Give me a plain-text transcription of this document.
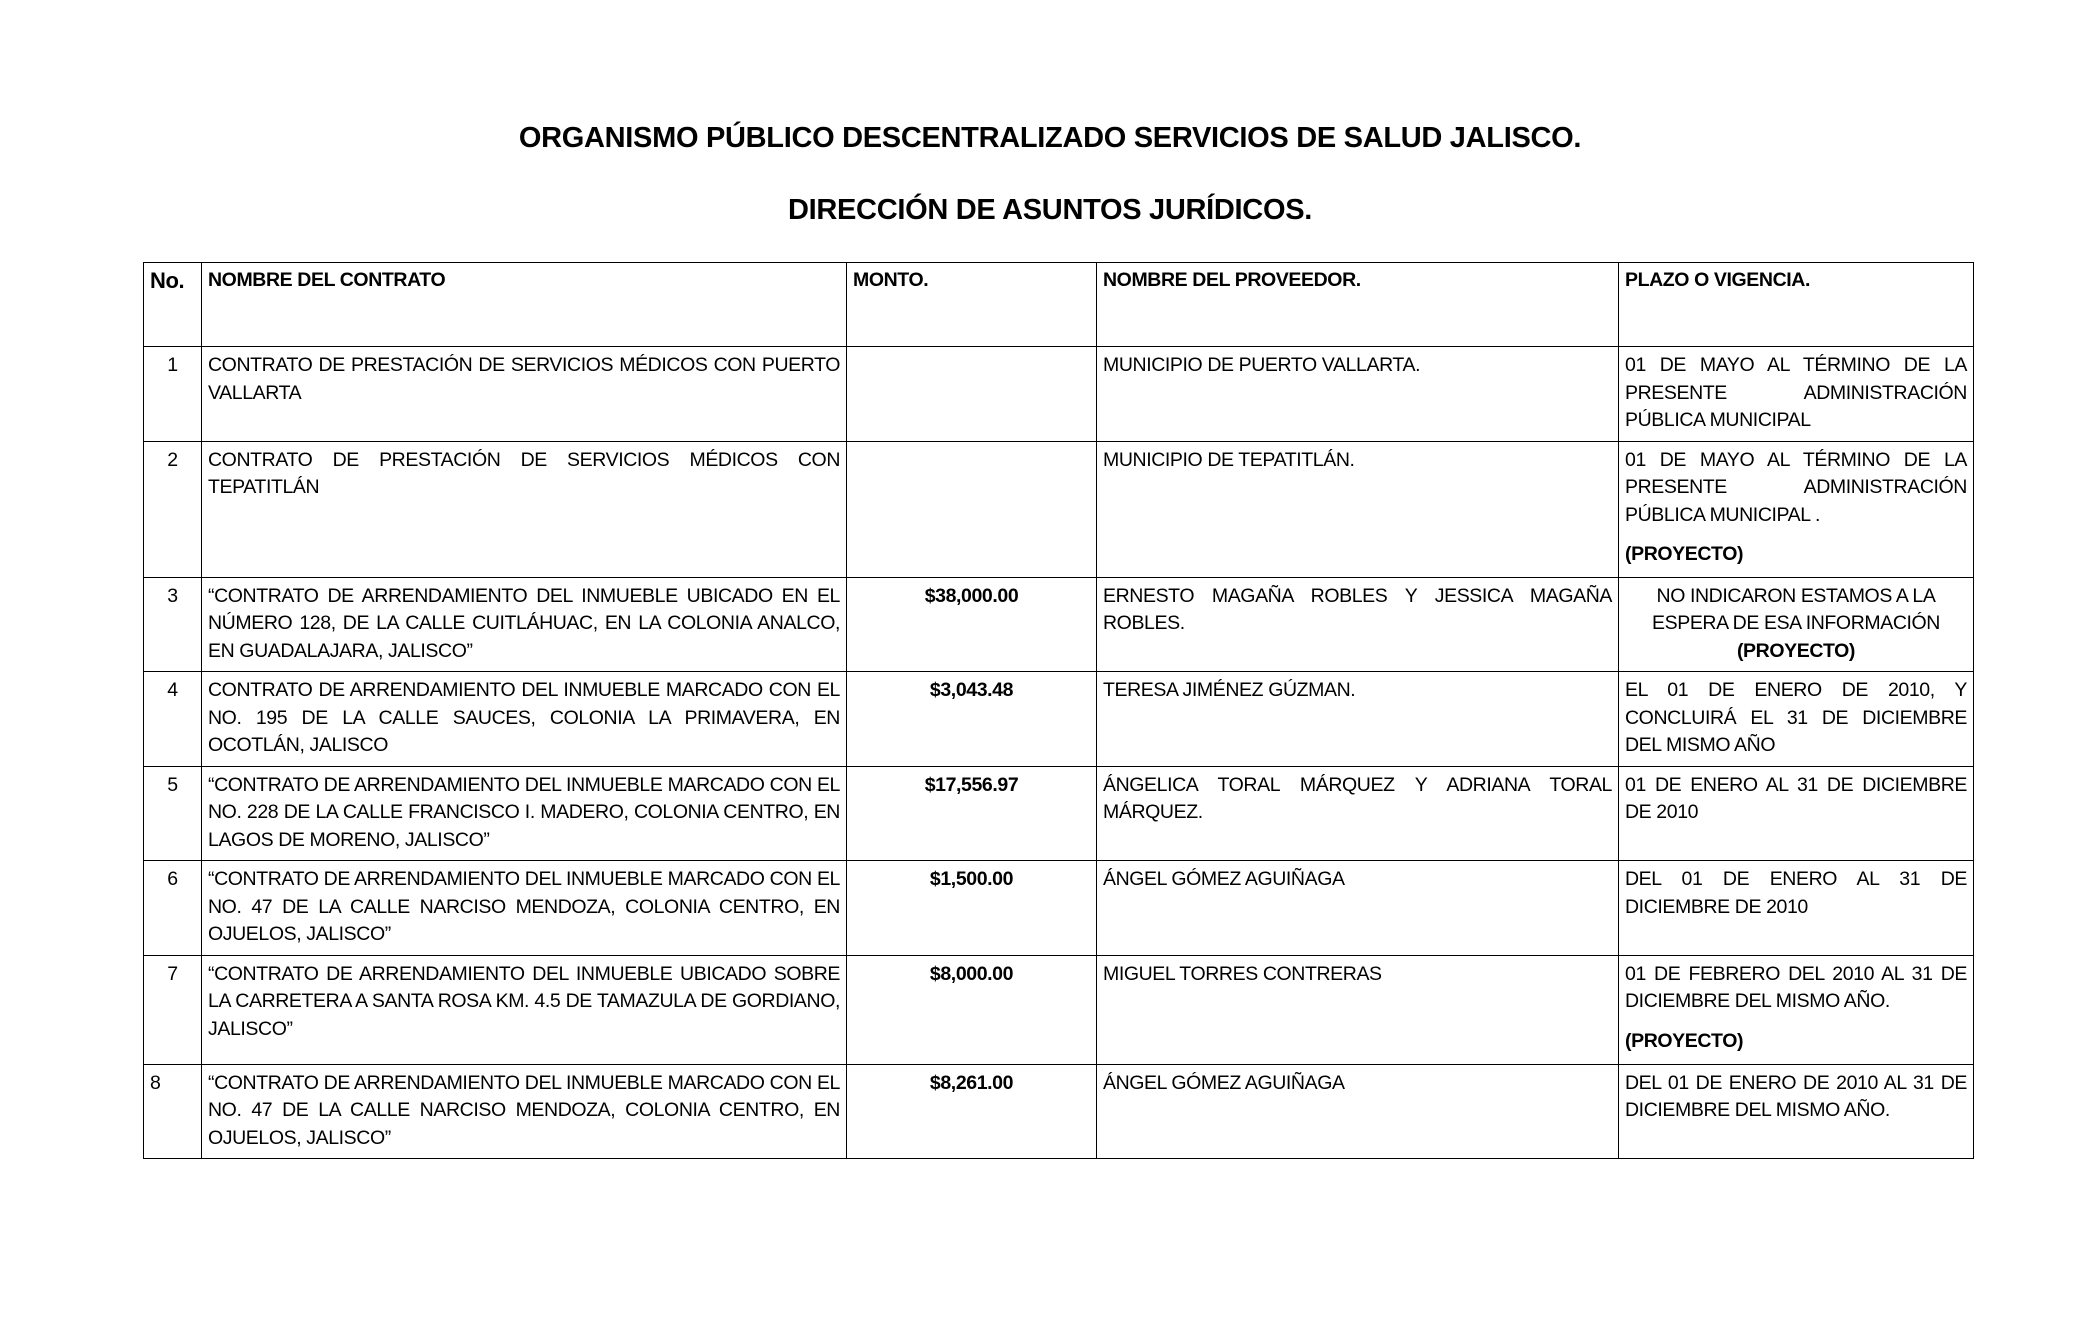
ORGANISMO PÚBLICO DESCENTRALIZADO SERVICIOS DE SALUD JALISCO.
DIRECCIÓN DE ASUNTOS JURÍDICOS.
No.	NOMBRE DEL CONTRATO	MONTO.	NOMBRE DEL PROVEEDOR.	PLAZO O VIGENCIA.
1	CONTRATO DE PRESTACIÓN DE SERVICIOS MÉDICOS CON PUERTO VALLARTA		MUNICIPIO DE PUERTO VALLARTA.	01 DE MAYO AL TÉRMINO DE LA PRESENTE ADMINISTRACIÓN PÚBLICA MUNICIPAL
2	CONTRATO DE PRESTACIÓN DE SERVICIOS MÉDICOS CON TEPATITLÁN		MUNICIPIO DE TEPATITLÁN.	01 DE MAYO AL TÉRMINO DE LA PRESENTE ADMINISTRACIÓN PÚBLICA MUNICIPAL .
(PROYECTO)

3	“CONTRATO DE ARRENDAMIENTO DEL INMUEBLE UBICADO EN EL NÚMERO 128, DE LA CALLE CUITLÁHUAC, EN LA COLONIA ANALCO, EN GUADALAJARA, JALISCO”	$38,000.00	ERNESTO MAGAÑA ROBLES Y JESSICA MAGAÑA ROBLES.	NO INDICARON ESTAMOS A LA ESPERA DE ESA INFORMACIÓN
(PROYECTO)

4	CONTRATO DE ARRENDAMIENTO DEL INMUEBLE MARCADO CON EL NO. 195 DE LA CALLE SAUCES, COLONIA LA PRIMAVERA, EN OCOTLÁN, JALISCO	$3,043.48	TERESA JIMÉNEZ GÚZMAN.	EL 01 DE ENERO DE 2010, Y CONCLUIRÁ EL 31 DE DICIEMBRE DEL MISMO AÑO
5	“CONTRATO DE ARRENDAMIENTO DEL INMUEBLE MARCADO CON EL NO. 228 DE LA CALLE FRANCISCO I. MADERO, COLONIA CENTRO, EN LAGOS DE MORENO, JALISCO”	$17,556.97	ÁNGELICA TORAL MÁRQUEZ Y ADRIANA TORAL MÁRQUEZ.	01 DE ENERO AL 31 DE DICIEMBRE DE 2010
6	“CONTRATO DE ARRENDAMIENTO DEL INMUEBLE MARCADO CON EL NO. 47 DE LA CALLE NARCISO MENDOZA, COLONIA CENTRO, EN OJUELOS, JALISCO”	$1,500.00	ÁNGEL GÓMEZ AGUIÑAGA	DEL 01 DE ENERO AL 31 DE DICIEMBRE DE 2010
7	“CONTRATO DE ARRENDAMIENTO DEL INMUEBLE UBICADO SOBRE LA CARRETERA A SANTA ROSA KM. 4.5 DE TAMAZULA DE GORDIANO, JALISCO”	$8,000.00	MIGUEL TORRES CONTRERAS	01 DE FEBRERO DEL 2010 AL 31 DE DICIEMBRE DEL MISMO AÑO.
(PROYECTO)

8	“CONTRATO DE ARRENDAMIENTO DEL INMUEBLE MARCADO CON EL NO. 47 DE LA CALLE NARCISO MENDOZA, COLONIA CENTRO, EN OJUELOS, JALISCO”	$8,261.00	ÁNGEL GÓMEZ AGUIÑAGA	DEL 01 DE ENERO DE 2010 AL 31 DE DICIEMBRE DEL MISMO AÑO.
